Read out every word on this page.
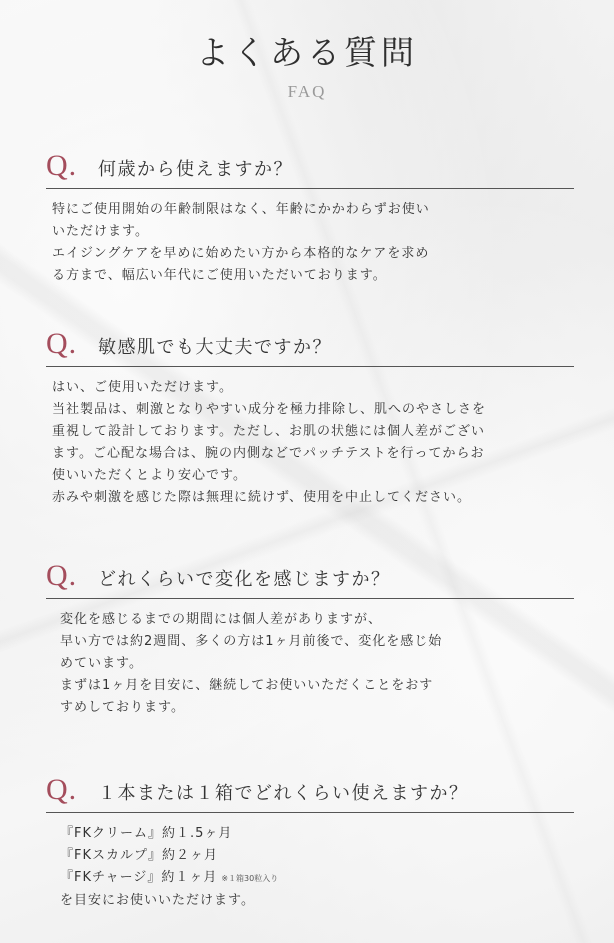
よくある質問
FAQ
Q.	何歳から使えますか？
特にご使用開始の年齢制限はなく、年齢にかかわらずお使い
いただけます。
エイジングケアを早めに始めたい方から本格的なケアを求め
る方まで、幅広い年代にご使用いただいております。
Q.	敏感肌でも大丈夫ですか？
はい、ご使用いただけます。
当社製品は、刺激となりやすい成分を極力排除し、肌へのやさしさを
重視して設計しております。ただし、お肌の状態には個人差がござい
ます。ご心配な場合は、腕の内側などでパッチテストを行ってからお
使いいただくとより安心です。
赤みや刺激を感じた際は無理に続けず、使用を中止してください。
Q.	どれくらいで変化を感じますか？
変化を感じるまでの期間には個人差がありますが、
早い方では約2週間、多くの方は1ヶ月前後で、変化を感じ始
めています。
まずは1ヶ月を目安に、継続してお使いいただくことをおす
すめしております。
Q.	１本または１箱でどれくらい使えますか？
『FKクリーム』約１.5ヶ月
『FKスカルプ』約２ヶ月
『FKチャージ』約１ヶ月 ※１箱30粒入り
を目安にお使いいただけます。
